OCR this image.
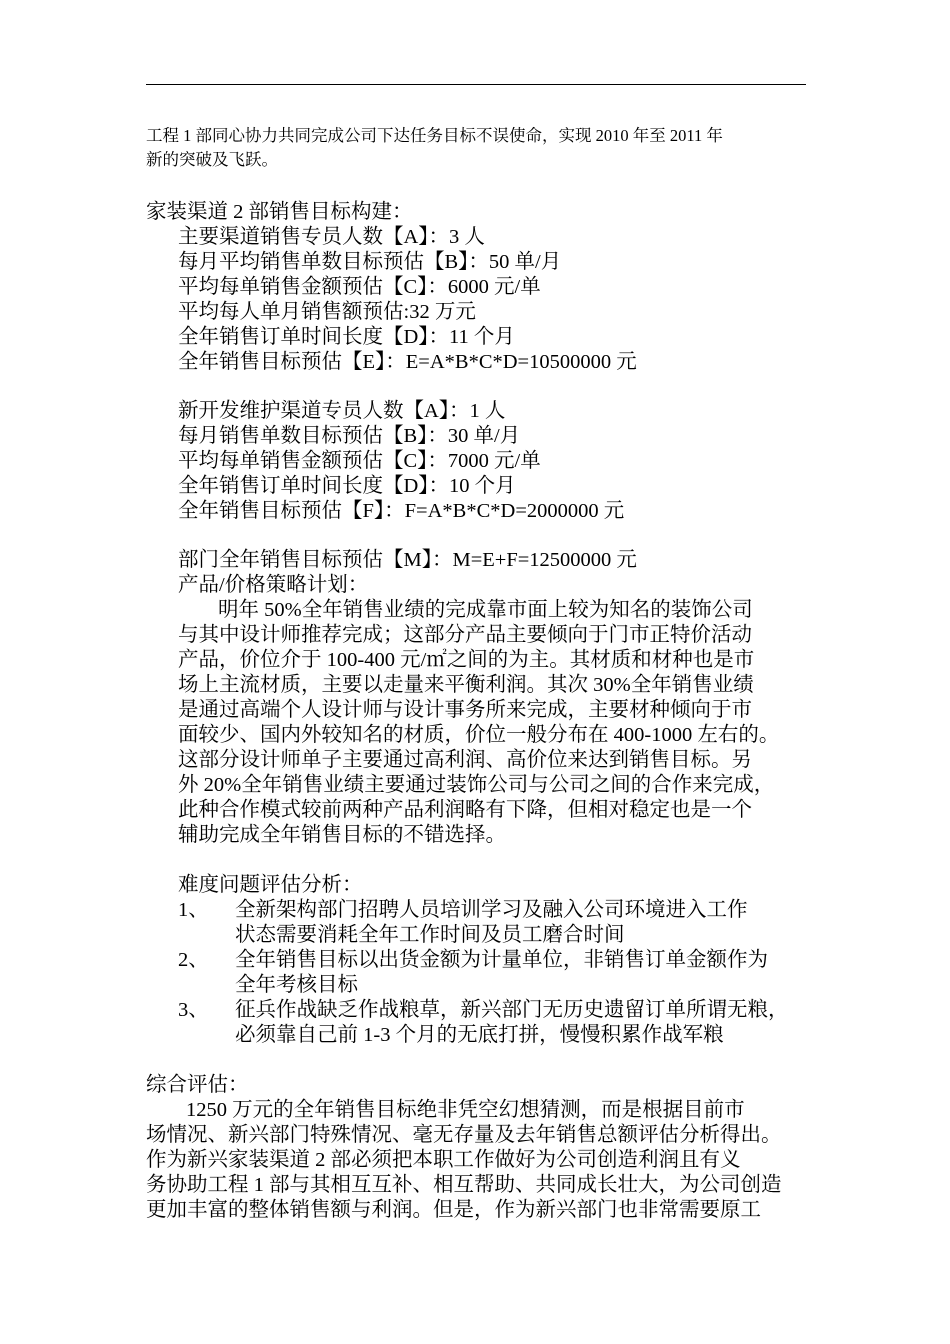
工程 1 部同心协力共同完成公司下达任务目标不误使命，实现 2010 年至 2011 年
新的突破及飞跃。
家装渠道 2 部销售目标构建：
主要渠道销售专员人数【A】：3 人
每月平均销售单数目标预估【B】：50 单/月
平均每单销售金额预估【C】：6000 元/单
平均每人单月销售额预估:32 万元
全年销售订单时间长度【D】：11 个月
全年销售目标预估【E】：E=A*B*C*D=10500000 元
新开发维护渠道专员人数【A】：1 人
每月销售单数目标预估【B】：30 单/月
平均每单销售金额预估【C】：7000 元/单
全年销售订单时间长度【D】：10 个月
全年销售目标预估【F】：F=A*B*C*D=2000000 元
部门全年销售目标预估【M】：M=E+F=12500000 元
产品/价格策略计划：
明年 50%全年销售业绩的完成靠市面上较为知名的装饰公司
与其中设计师推荐完成；这部分产品主要倾向于门市正特价活动
产品，价位介于 100-400 元/㎡之间的为主。其材质和材种也是市
场上主流材质，主要以走量来平衡利润。其次 30%全年销售业绩
是通过高端个人设计师与设计事务所来完成，主要材种倾向于市
面较少、国内外较知名的材质，价位一般分布在 400-1000 左右的。
这部分设计师单子主要通过高利润、高价位来达到销售目标。另
外 20%全年销售业绩主要通过装饰公司与公司之间的合作来完成，
此种合作模式较前两种产品利润略有下降，但相对稳定也是一个
辅助完成全年销售目标的不错选择。
难度问题评估分析：
1、 全新架构部门招聘人员培训学习及融入公司环境进入工作
状态需要消耗全年工作时间及员工磨合时间
2、 全年销售目标以出货金额为计量单位，非销售订单金额作为
全年考核目标
3、 征兵作战缺乏作战粮草，新兴部门无历史遗留订单所谓无粮，
必须靠自己前 1-3 个月的无底打拼，慢慢积累作战军粮
综合评估：
1250 万元的全年销售目标绝非凭空幻想猜测，而是根据目前市
场情况、新兴部门特殊情况、毫无存量及去年销售总额评估分析得出。
作为新兴家装渠道 2 部必须把本职工作做好为公司创造利润且有义
务协助工程 1 部与其相互互补、相互帮助、共同成长壮大，为公司创造
更加丰富的整体销售额与利润。但是，作为新兴部门也非常需要原工
